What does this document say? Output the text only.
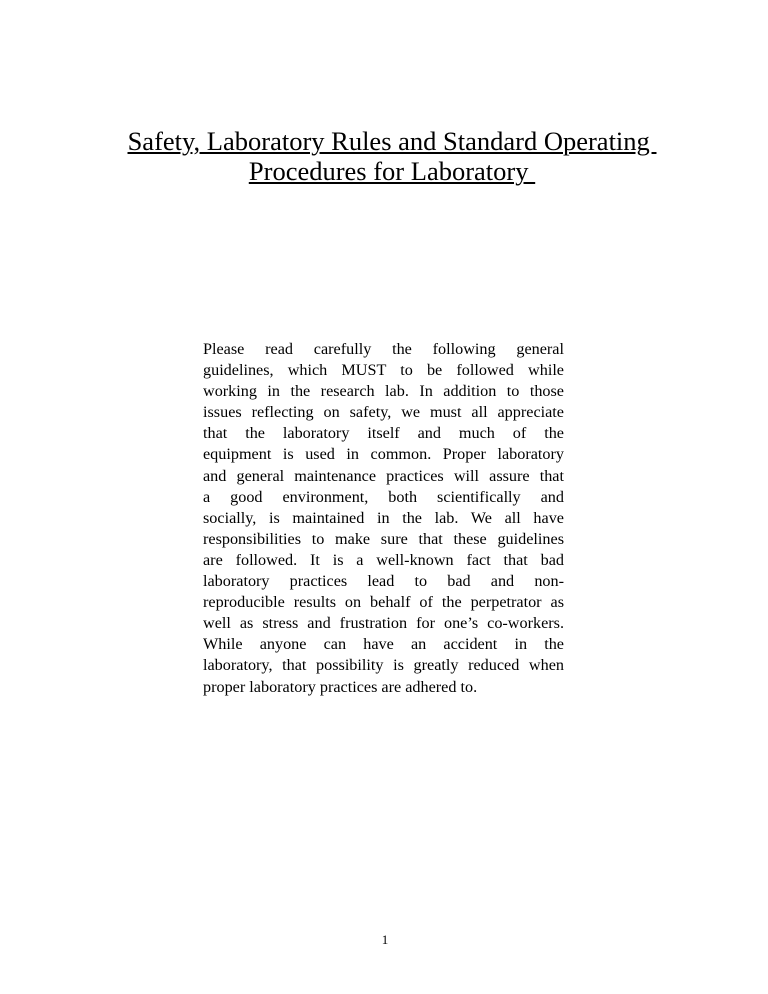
Safety, Laboratory Rules and Standard Operating
Procedures for Laboratory
Please read carefully the following general
guidelines, which MUST to be followed while
working in the research lab. In addition to those
issues reflecting on safety, we must all appreciate
that the laboratory itself and much of the
equipment is used in common. Proper laboratory
and general maintenance practices will assure that
a good environment, both scientifically and
socially, is maintained in the lab. We all have
responsibilities to make sure that these guidelines
are followed. It is a well-known fact that bad
laboratory practices lead to bad and non-
reproducible results on behalf of the perpetrator as
well as stress and frustration for one’s co-workers.
While anyone can have an accident in the
laboratory, that possibility is greatly reduced when
proper laboratory practices are adhered to.
1
